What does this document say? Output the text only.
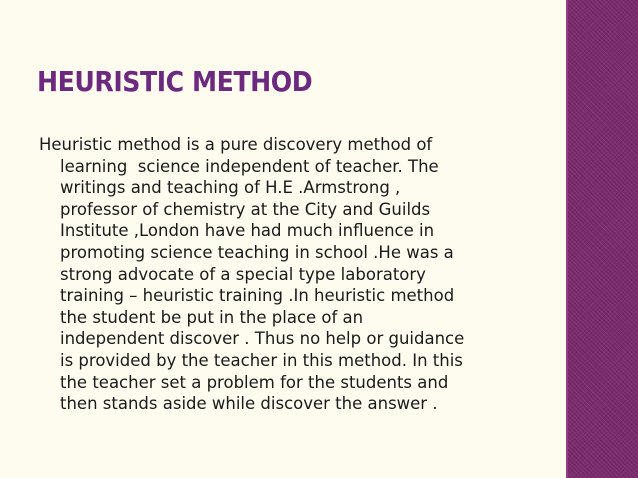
HEURISTIC METHOD

Heuristic method is a pure discovery method of
learning  science independent of teacher. The
writings and teaching of H.E .Armstrong ,
professor of chemistry at the City and Guilds
Institute ,London have had much influence in
promoting science teaching in school .He was a
strong advocate of a special type laboratory
training – heuristic training .In heuristic method
the student be put in the place of an
independent discover . Thus no help or guidance
is provided by the teacher in this method. In this
the teacher set a problem for the students and
then stands aside while discover the answer .
